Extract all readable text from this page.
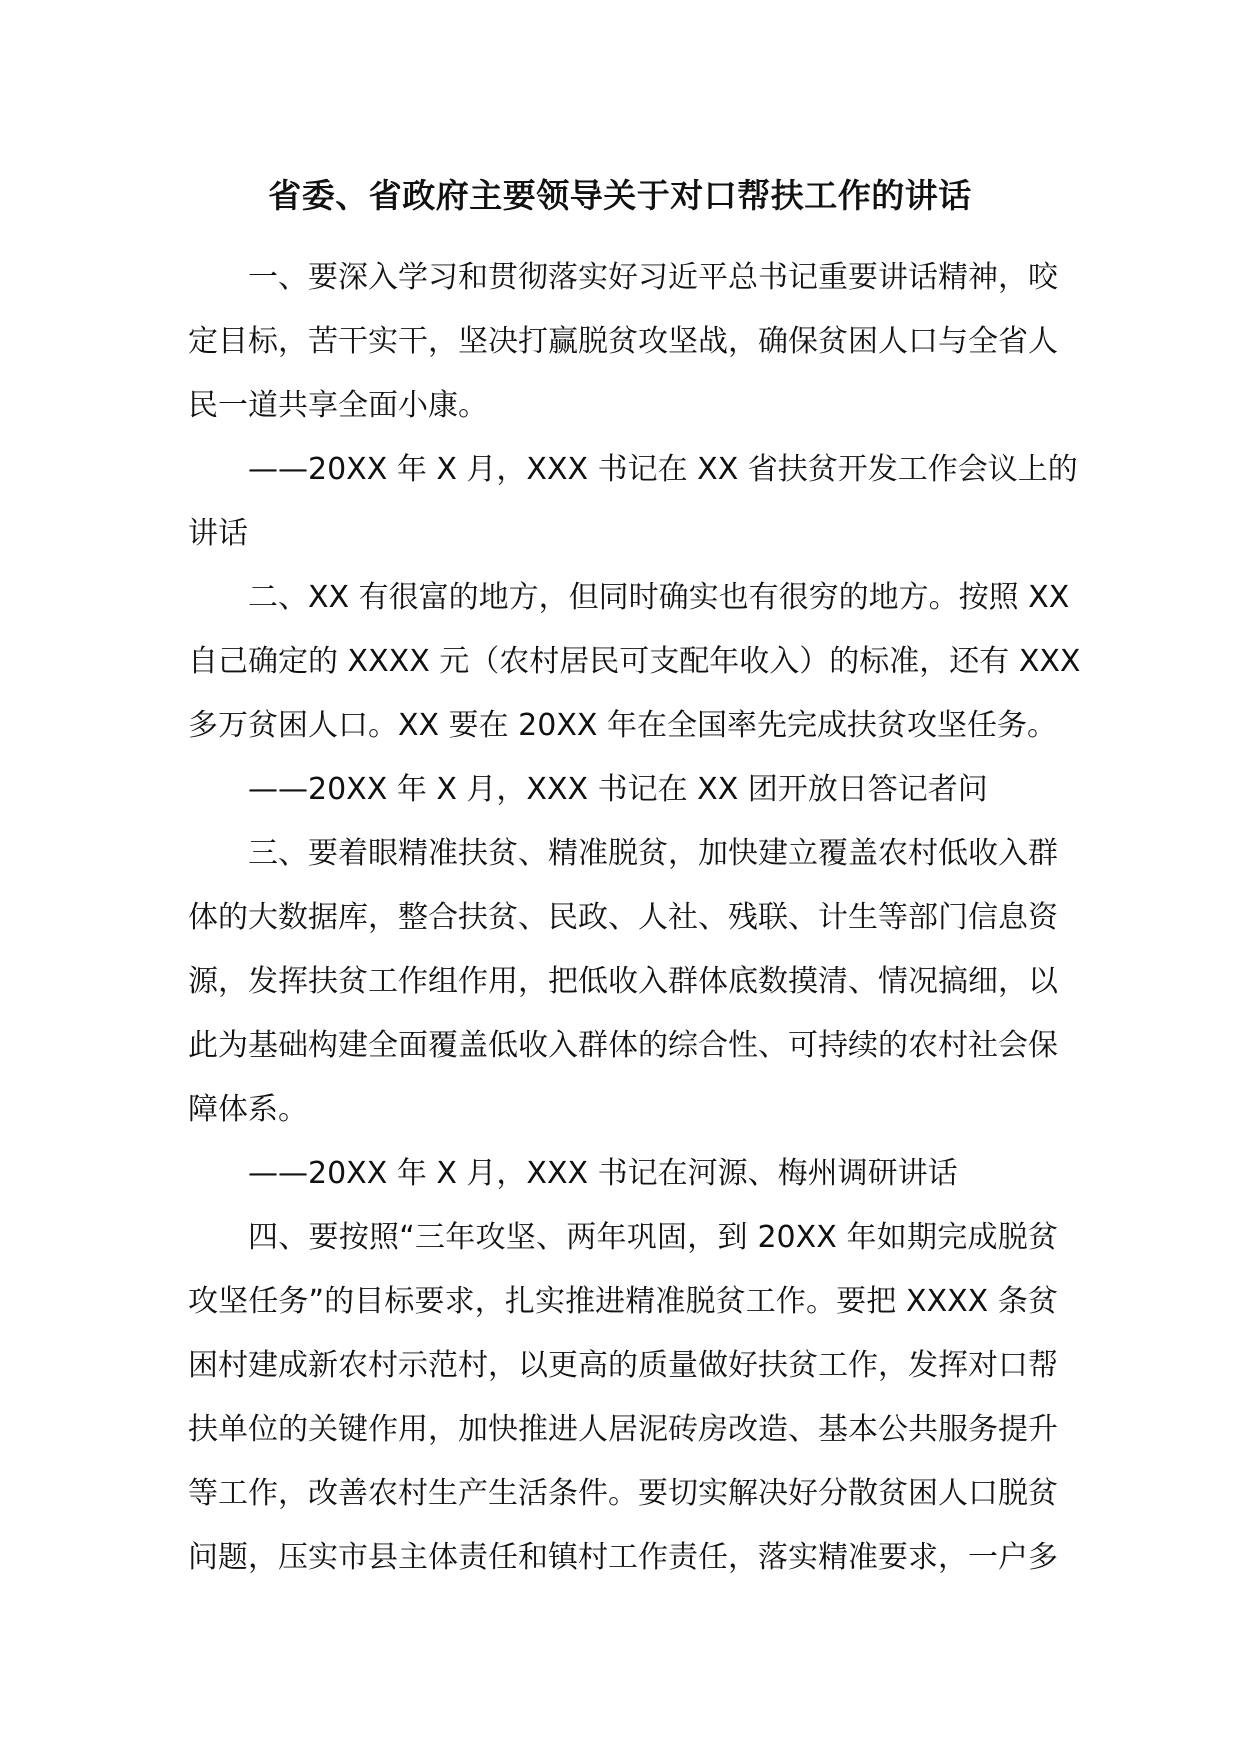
省委、省政府主要领导关于对口帮扶工作的讲话

一、要深入学习和贯彻落实好习近平总书记重要讲话精神，咬

定目标，苦干实干，坚决打赢脱贫攻坚战，确保贫困人口与全省人

民一道共享全面小康。

——20XX 年 X 月，XXX 书记在 XX 省扶贫开发工作会议上的

讲话

二、XX 有很富的地方，但同时确实也有很穷的地方。按照 XX

自己确定的 XXXX 元（农村居民可支配年收入）的标准，还有 XXX

多万贫困人口。XX 要在 20XX 年在全国率先完成扶贫攻坚任务。

——20XX 年 X 月，XXX 书记在 XX 团开放日答记者问

三、要着眼精准扶贫、精准脱贫，加快建立覆盖农村低收入群

体的大数据库，整合扶贫、民政、人社、残联、计生等部门信息资

源，发挥扶贫工作组作用，把低收入群体底数摸清、情况搞细，以

此为基础构建全面覆盖低收入群体的综合性、可持续的农村社会保

障体系。

——20XX 年 X 月，XXX 书记在河源、梅州调研讲话

四、要按照“三年攻坚、两年巩固，到 20XX 年如期完成脱贫

攻坚任务”的目标要求，扎实推进精准脱贫工作。要把 XXXX 条贫

困村建成新农村示范村，以更高的质量做好扶贫工作，发挥对口帮

扶单位的关键作用，加快推进人居泥砖房改造、基本公共服务提升

等工作，改善农村生产生活条件。要切实解决好分散贫困人口脱贫

问题，压实市县主体责任和镇村工作责任，落实精准要求，一户多
